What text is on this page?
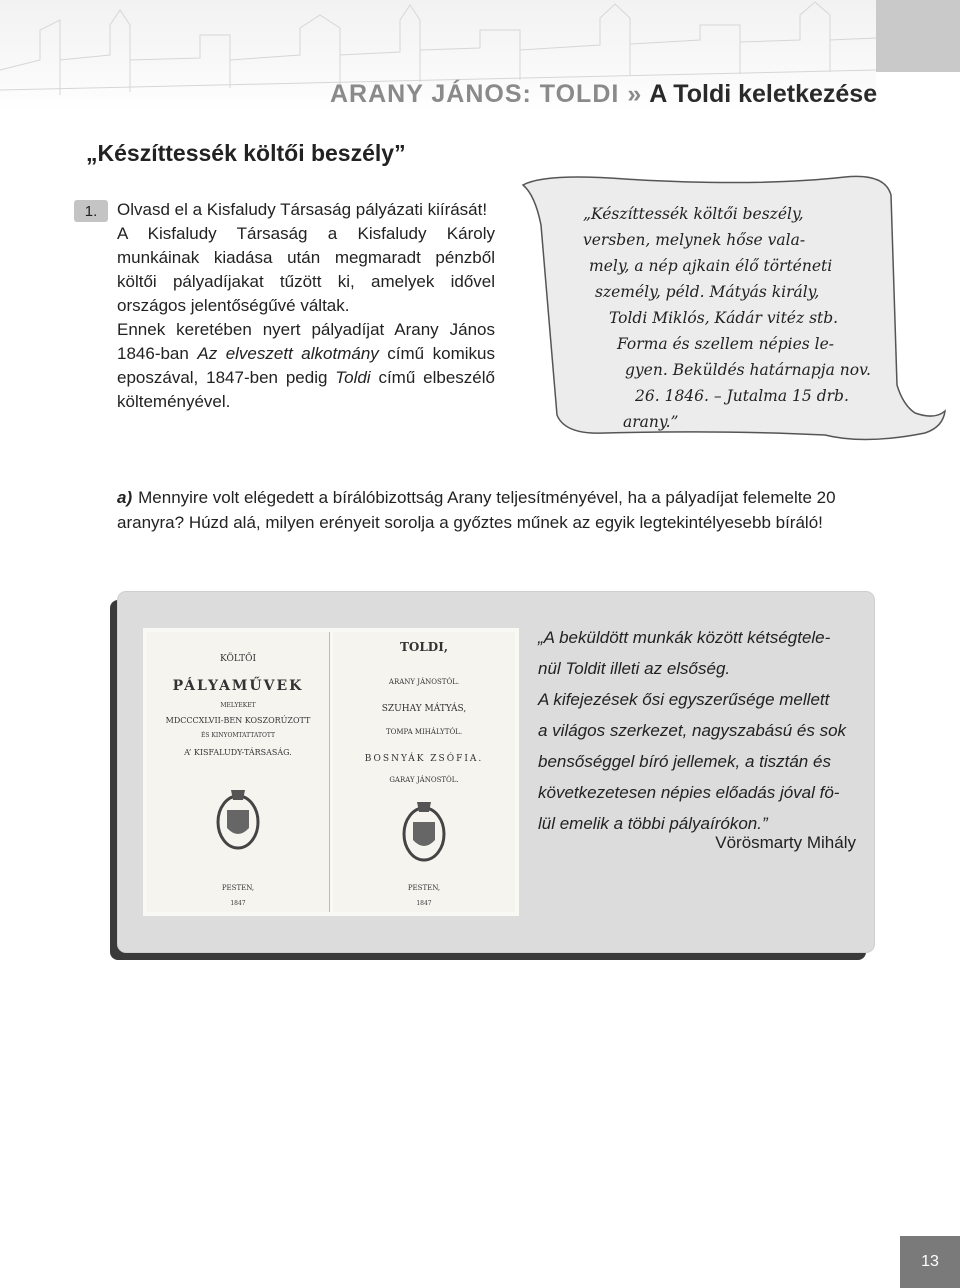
ARANY JÁNOS: TOLDI » A Toldi keletkezése
„Készíttessék költői beszély”
1.	Olvasd el a Kisfaludy Társaság pályázati kiírását!

A Kisfaludy Társaság a Kisfaludy Károly munkáinak kiadása után megmaradt pénzből költői pályadíjakat tűzött ki, amelyek idővel országos jelentőségűvé váltak.

Ennek keretében nyert pályadíjat Arany János 1846-ban Az elveszett alkotmány című komikus eposzával, 1847-ben pedig Toldi című elbeszélő költeményével.

„Készíttessék költői beszély,
versben, melynek hőse vala-
mely, a nép ajkain élő történeti
személy, péld. Mátyás király,
Toldi Miklós, Kádár vitéz stb.
Forma és szellem népies le-
gyen. Beküldés határnapja nov.
26. 1846. – Jutalma 15 drb.
arany.”
a) Mennyire volt elégedett a bírálóbizottság Arany teljesítményével, ha a pályadíjat felemelte 20 aranyra? Húzd alá, milyen erényeit sorolja a győztes műnek az egyik legtekintélyesebb bíráló!
KÖLTŐI
PÁLYAMŰVEK
MELYEKET
MDCCCXLVII-BEN KOSZORÚZOTT
ÉS KINYOMTATTATOTT
A’ KISFALUDY-TÁRSASÁG.
PESTEN,
1847
TOLDI,
ARANY JÁNOSTÓL.
SZUHAY MÁTYÁS,
TOMPA MIHÁLYTÓL.
BOSNYÁK ZSÓFIA.
GARAY JÁNOSTÓL.
PESTEN,
1847
„A beküldött munkák között kétségtele-
nül Toldit illeti az elsőség.
A kifejezések ősi egyszerűsége mellett
a világos szerkezet, nagyszabású és sok
bensőséggel bíró jellemek, a tisztán és
következetesen népies előadás jóval fö-
lül emelik a többi pályaírókon.”
Vörösmarty Mihály
13
